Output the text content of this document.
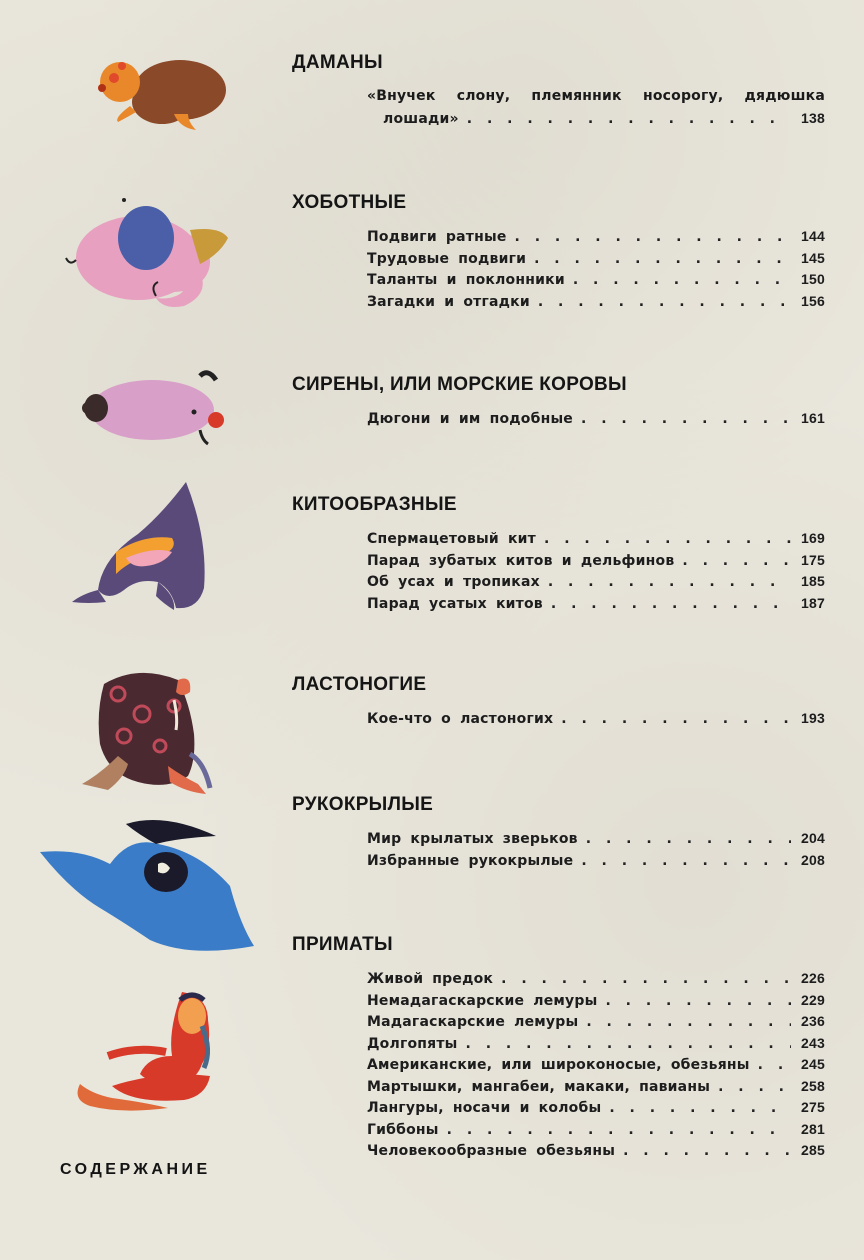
ДАМАНЫ
«Внучек слону, племянник носорогу, дядюшка
лошади» . . .	138
ХОБОТНЫЕ
Подвиги ратные . . .	144
Трудовые подвиги . . .	145
Таланты и поклонники . . .	150
Загадки и отгадки . . .	156
СИРЕНЫ, ИЛИ МОРСКИЕ КОРОВЫ
Дюгони и им подобные . . .	161
КИТООБРАЗНЫЕ
Спермацетовый кит . . .	169
Парад зубатых китов и дельфинов . . .	175
Об усах и тропиках . . .	185
Парад усатых китов . . .	187
ЛАСТОНОГИЕ
Кое-что о ластоногих . . .	193
РУКОКРЫЛЫЕ
Мир крылатых зверьков . . .	204
Избранные рукокрылые . . .	208
ПРИМАТЫ
Живой предок . . .	226
Немадагаскарские лемуры . . .	229
Мадагаскарские лемуры . . .	236
Долгопяты . . .	243
Американские, или широконосые, обезьяны . . .	245
Мартышки, мангабеи, макаки, павианы . . .	258
Лангуры, носачи и колобы . . .	275
Гиббоны . . .	281
Человекообразные обезьяны . . .	285
СОДЕРЖАНИЕ
